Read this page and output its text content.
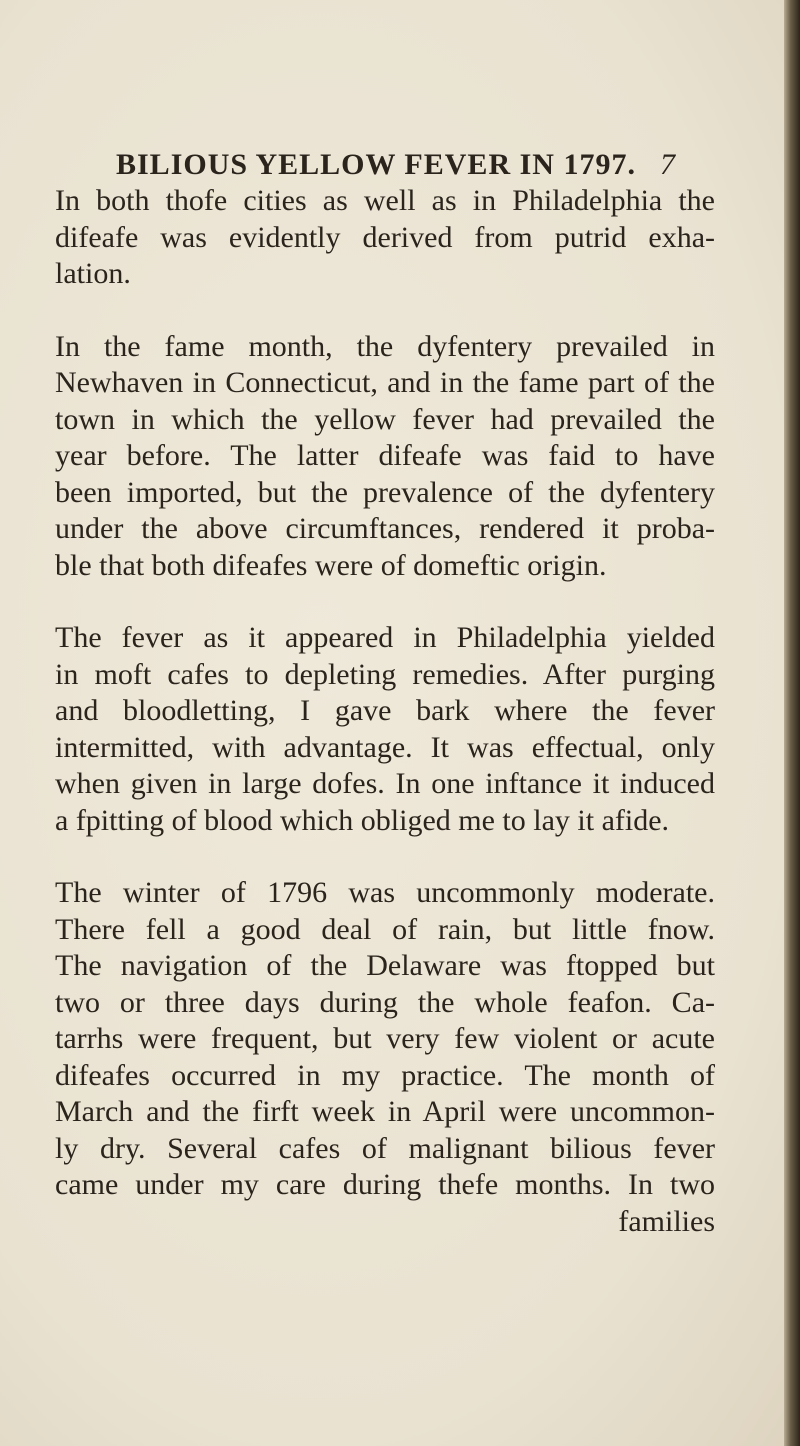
BILIOUS YELLOW FEVER IN 1797. 7
In both thofe cities as well as in Philadelphia the
difeafe was evidently derived from putrid exha-
lation.
In the fame month, the dyfentery prevailed in
Newhaven in Connecticut, and in the fame part of the
town in which the yellow fever had prevailed the
year before. The latter difeafe was faid to have
been imported, but the prevalence of the dyfentery
under the above circumftances, rendered it proba-
ble that both difeafes were of domeftic origin.
The fever as it appeared in Philadelphia yielded
in moft cafes to depleting remedies. After purging
and bloodletting, I gave bark where the fever
intermitted, with advantage. It was effectual, only
when given in large dofes. In one inftance it induced
a fpitting of blood which obliged me to lay it afide.
The winter of 1796 was uncommonly moderate.
There fell a good deal of rain, but little fnow.
The navigation of the Delaware was ftopped but
two or three days during the whole feafon. Ca-
tarrhs were frequent, but very few violent or acute
difeafes occurred in my practice. The month of
March and the firft week in April were uncommon-
ly dry. Several cafes of malignant bilious fever
came under my care during thefe months. In two
families
